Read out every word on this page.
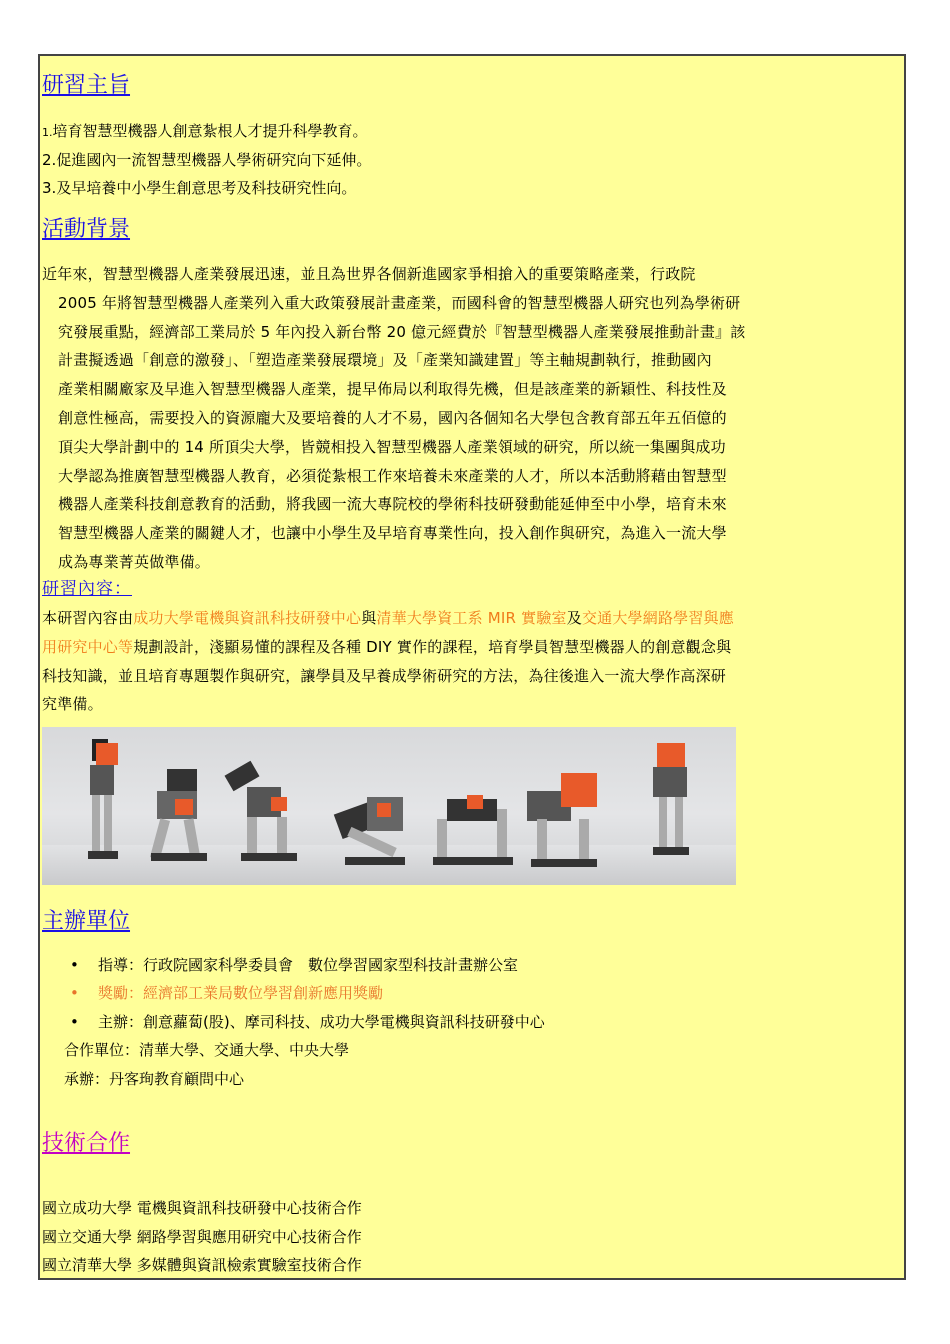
研習主旨
1.培育智慧型機器人創意紮根人才提升科學教育。
2.促進國內一流智慧型機器人學術研究向下延伸。
3.及早培養中小學生創意思考及科技研究性向。
活動背景
近年來，智慧型機器人產業發展迅速，並且為世界各個新進國家爭相搶入的重要策略產業，行政院
2005 年將智慧型機器人產業列入重大政策發展計畫產業，而國科會的智慧型機器人研究也列為學術研
究發展重點，經濟部工業局於 5 年內投入新台幣 20 億元經費於『智慧型機器人產業發展推動計畫』該
計畫擬透過「創意的激發」、「塑造產業發展環境」及「產業知識建置」等主軸規劃執行，推動國內
產業相關廠家及早進入智慧型機器人產業，提早佈局以利取得先機，但是該產業的新穎性、科技性及
創意性極高，需要投入的資源龐大及要培養的人才不易，國內各個知名大學包含教育部五年五佰億的
頂尖大學計劃中的 14 所頂尖大學，皆競相投入智慧型機器人產業領域的研究，所以統一集團與成功
大學認為推廣智慧型機器人教育，必須從紮根工作來培養未來產業的人才，所以本活動將藉由智慧型
機器人產業科技創意教育的活動，將我國一流大專院校的學術科技研發動能延伸至中小學，培育未來
智慧型機器人產業的關鍵人才，也讓中小學生及早培育專業性向，投入創作與研究，為進入一流大學
成為專業菁英做準備。
研習內容：
本研習內容由成功大學電機與資訊科技研發中心與清華大學資工系 MIR 實驗室及交通大學網路學習與應
用研究中心等規劃設計，淺顯易懂的課程及各種 DIY 實作的課程，培育學員智慧型機器人的創意觀念與
科技知識，並且培育專題製作與研究，讓學員及早養成學術研究的方法，為往後進入一流大學作高深研
究準備。
主辦單位
• 指導：行政院國家科學委員會　數位學習國家型科技計畫辦公室
• 獎勵：經濟部工業局數位學習創新應用獎勵
• 主辦：創意蘿蔔(股)、摩司科技、成功大學電機與資訊科技研發中心
合作單位：清華大學、交通大學、中央大學
承辦：丹客珣教育顧問中心
技術合作
國立成功大學 電機與資訊科技研發中心技術合作
國立交通大學 網路學習與應用研究中心技術合作
國立清華大學 多媒體與資訊檢索實驗室技術合作
